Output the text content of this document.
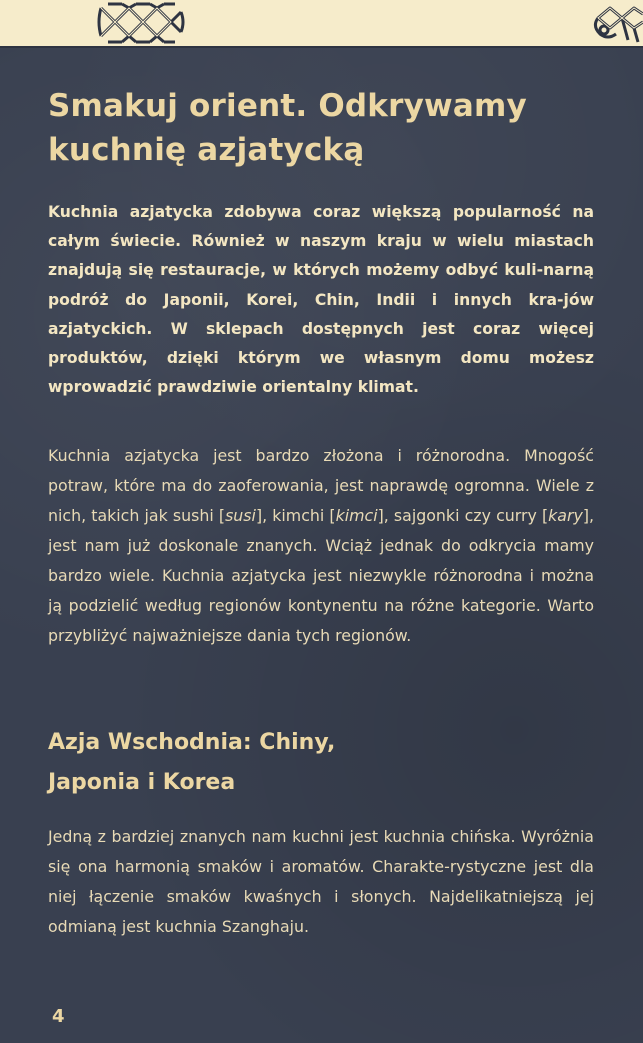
Smakuj orient. Odkrywamy
kuchnię azjatycką

Kuchnia azjatycka zdobywa coraz większą popularność na całym świecie. Również w naszym kraju w wielu miastach znajdują się restauracje, w których możemy odbyć kuli-narną podróż do Japonii, Korei, Chin, Indii i innych kra-jów azjatyckich. W sklepach dostępnych jest coraz więcej produktów, dzięki którym we własnym domu możesz wprowadzić prawdziwie orientalny klimat.

Kuchnia azjatycka jest bardzo złożona i różnorodna. Mnogość potraw, które ma do zaoferowania, jest naprawdę ogromna. Wiele z nich, takich jak sushi [susi], kimchi [kimci], sajgonki czy curry [kary], jest nam już doskonale znanych. Wciąż jednak do odkrycia mamy bardzo wiele. Kuchnia azjatycka jest niezwykle różnorodna i można ją podzielić według regionów kontynentu na różne kategorie. Warto przybliżyć najważniejsze dania tych regionów.

Azja Wschodnia: Chiny,
Japonia i Korea

Jedną z bardziej znanych nam kuchni jest kuchnia chińska. Wyróżnia się ona harmonią smaków i aromatów. Charakte-rystyczne jest dla niej łączenie smaków kwaśnych i słonych. Najdelikatniejszą jej odmianą jest kuchnia Szanghaju.

4
